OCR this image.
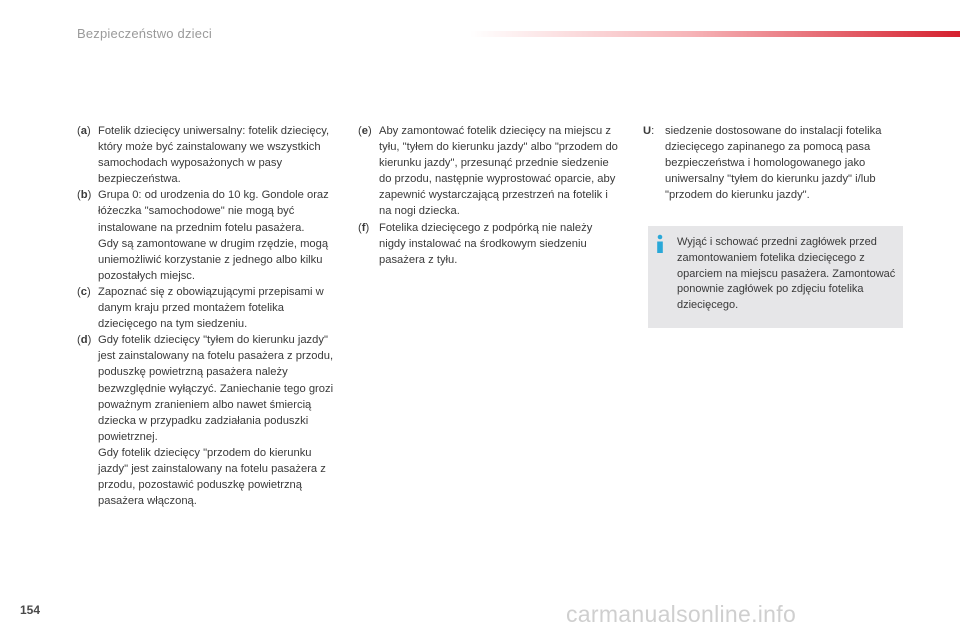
Bezpieczeństwo dzieci
(a) Fotelik dziecięcy uniwersalny: fotelik dziecięcy, który może być zainstalowany we wszystkich samochodach wyposażonych w pasy bezpieczeństwa.
(b) Grupa 0: od urodzenia do 10 kg. Gondole oraz łóżeczka "samochodowe" nie mogą być instalowane na przednim fotelu pasażera.
Gdy są zamontowane w drugim rzędzie, mogą uniemożliwić korzystanie z jednego albo kilku pozostałych miejsc.
(c) Zapoznać się z obowiązującymi przepisami w danym kraju przed montażem fotelika dziecięcego na tym siedzeniu.
(d) Gdy fotelik dziecięcy "tyłem do kierunku jazdy" jest zainstalowany na fotelu pasażera z przodu, poduszkę powietrzną pasażera należy bezwzględnie wyłączyć. Zaniechanie tego grozi poważnym zranieniem albo nawet śmiercią dziecka w przypadku zadziałania poduszki powietrznej.
Gdy fotelik dziecięcy "przodem do kierunku jazdy" jest zainstalowany na fotelu pasażera z przodu, pozostawić poduszkę powietrzną pasażera włączoną.
(e) Aby zamontować fotelik dziecięcy na miejscu z tyłu, "tyłem do kierunku jazdy" albo "przodem do kierunku jazdy", przesunąć przednie siedzenie do przodu, następnie wyprostować oparcie, aby zapewnić wystarczającą przestrzeń na fotelik i na nogi dziecka.
(f) Fotelika dziecięcego z podpórką nie należy nigdy instalować na środkowym siedzeniu pasażera z tyłu.
U: siedzenie dostosowane do instalacji fotelika dziecięcego zapinanego za pomocą pasa bezpieczeństwa i homologowanego jako uniwersalny "tyłem do kierunku jazdy" i/lub "przodem do kierunku jazdy".
Wyjąć i schować przedni zagłówek przed zamontowaniem fotelika dziecięcego z oparciem na miejscu pasażera. Zamontować ponownie zagłówek po zdjęciu fotelika dziecięcego.
154	carmanualsonline.info
